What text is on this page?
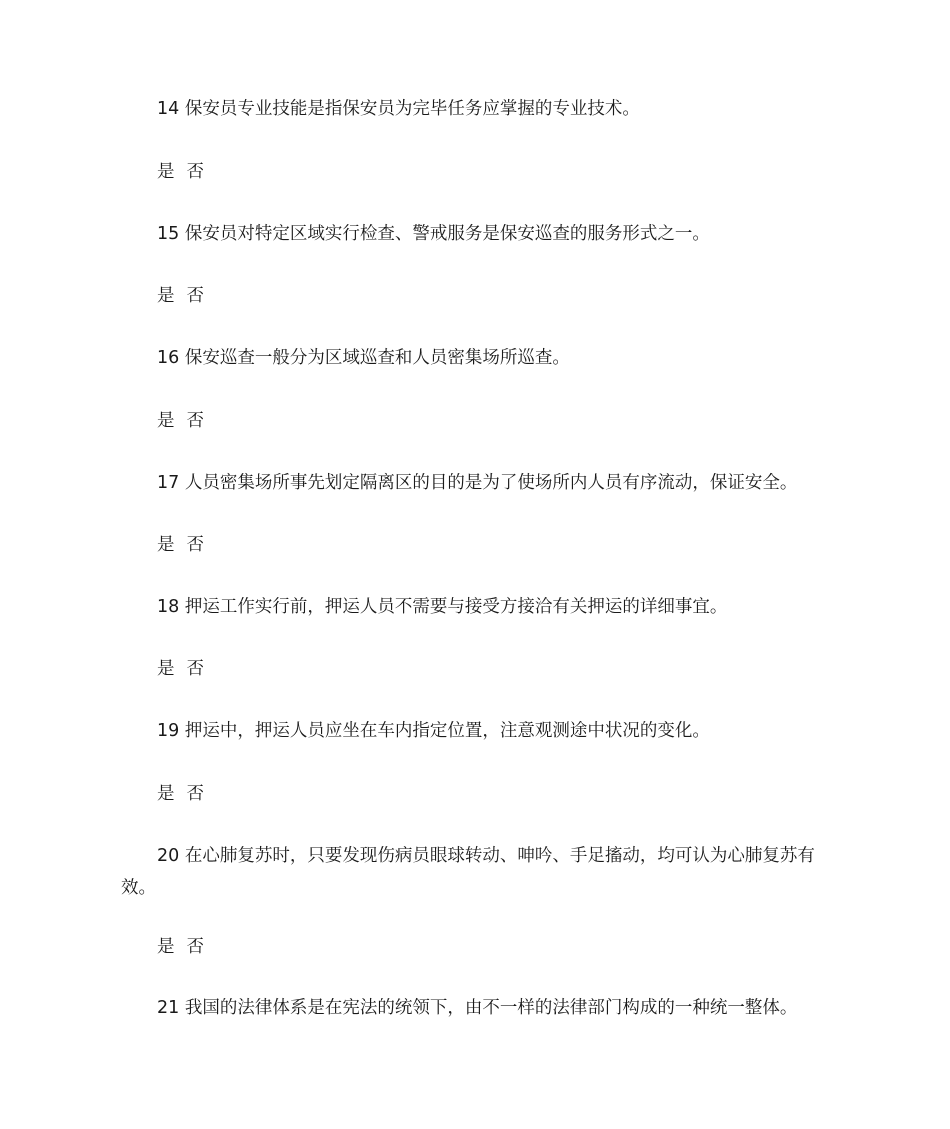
14 保安员专业技能是指保安员为完毕任务应掌握的专业技术。

是 否

15 保安员对特定区域实行检查、警戒服务是保安巡查的服务形式之一。

是 否

16 保安巡查一般分为区域巡查和人员密集场所巡查。

是 否

17 人员密集场所事先划定隔离区的目的是为了使场所内人员有序流动，保证安全。

是 否

18 押运工作实行前，押运人员不需要与接受方接洽有关押运的详细事宜。

是 否

19 押运中，押运人员应坐在车内指定位置，注意观测途中状况的变化。

是 否

20 在心肺复苏时，只要发现伤病员眼球转动、呻吟、手足搐动，均可认为心肺复苏有效。

是 否

21 我国的法律体系是在宪法的统领下，由不一样的法律部门构成的一种统一整体。
